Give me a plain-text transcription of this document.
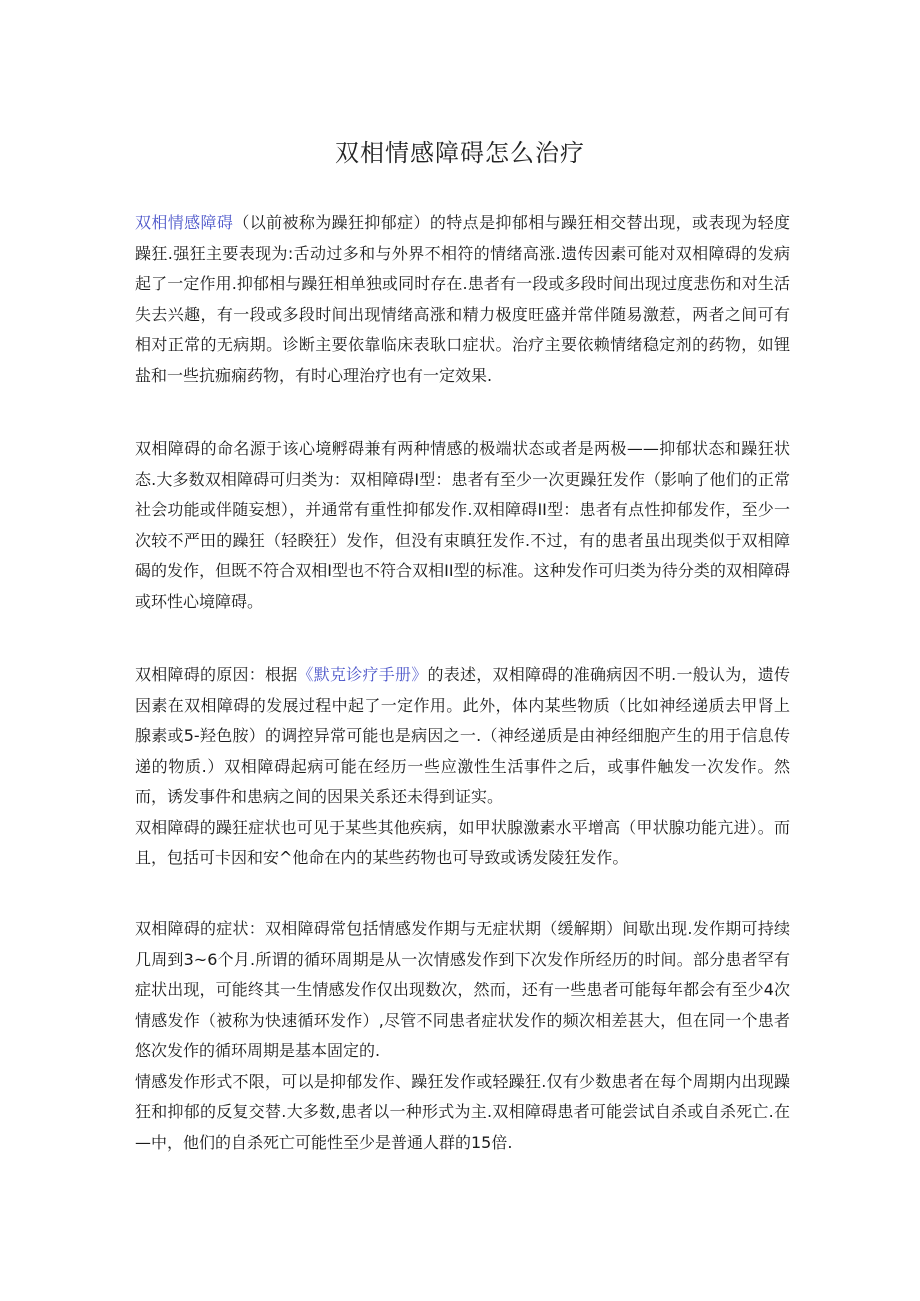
双相情感障碍怎么治疗

双相情感障碍（以前被称为躁狂抑郁症）的特点是抑郁相与躁狂相交替出现，或表现为轻度躁狂.强狂主要表现为:舌动过多和与外界不相符的情绪高涨.遗传因素可能对双相障碍的发病起了一定作用.抑郁相与躁狂相单独或同时存在.患者有一段或多段时间出现过度悲伤和对生活失去兴趣，有一段或多段时间出现情绪高涨和精力极度旺盛并常伴随易激惹，两者之间可有相对正常的无病期。诊断主要依靠临床表耿口症状。治疗主要依赖情绪稳定剂的药物，如锂盐和一些抗痂痫药物，有时心理治疗也有一定效果.

双相障碍的命名源于该心境孵碍兼有两种情感的极端状态或者是两极——抑郁状态和躁狂状态.大多数双相障碍可归类为：双相障碍I型：患者有至少一次更躁狂发作（影响了他们的正常社会功能或伴随妄想），并通常有重性抑郁发作.双相障碍II型：患者有点性抑郁发作，至少一次较不严田的躁狂（轻睽狂）发作，但没有束瞋狂发作.不过，有的患者虽出现类似于双相障碣的发作，但既不符合双相I型也不符合双相II型的标准。这种发作可归类为待分类的双相障碍或环性心境障碍。

双相障碍的原因：根据《默克诊疗手册》的表述，双相障碍的准确病因不明.一般认为，遗传因素在双相障碍的发展过程中起了一定作用。此外，体内某些物质（比如神经递质去甲肾上腺素或5-羟色胺）的调控异常可能也是病因之一.（神经递质是由神经细胞产生的用于信息传递的物质.）双相障碍起病可能在经历一些应激性生活事件之后，或事件触发一次发作。然而，诱发事件和患病之间的因果关系还未得到证实。

双相障碍的躁狂症状也可见于某些其他疾病，如甲状腺激素水平增高（甲状腺功能亢进）。而且，包括可卡因和安^他命在内的某些药物也可导致或诱发陵狂发作。

双相障碍的症状：双相障碍常包括情感发作期与无症状期（缓解期）间歇出现.发作期可持续几周到3~6个月.所谓的循环周期是从一次情感发作到下次发作所经历的时间。部分患者罕有症状出现，可能终其一生情感发作仅出现数次，然而，还有一些患者可能每年都会有至少4次情感发作（被称为快速循环发作）,尽管不同患者症状发作的频次相差甚大，但在同一个患者悠次发作的循环周期是基本固定的.

情感发作形式不限，可以是抑郁发作、躁狂发作或轻躁狂.仅有少数患者在每个周期内出现躁狂和抑郁的反复交替.大多数,患者以一种形式为主.双相障碍患者可能尝试自杀或自杀死亡.在—中，他们的自杀死亡可能性至少是普通人群的15倍.
